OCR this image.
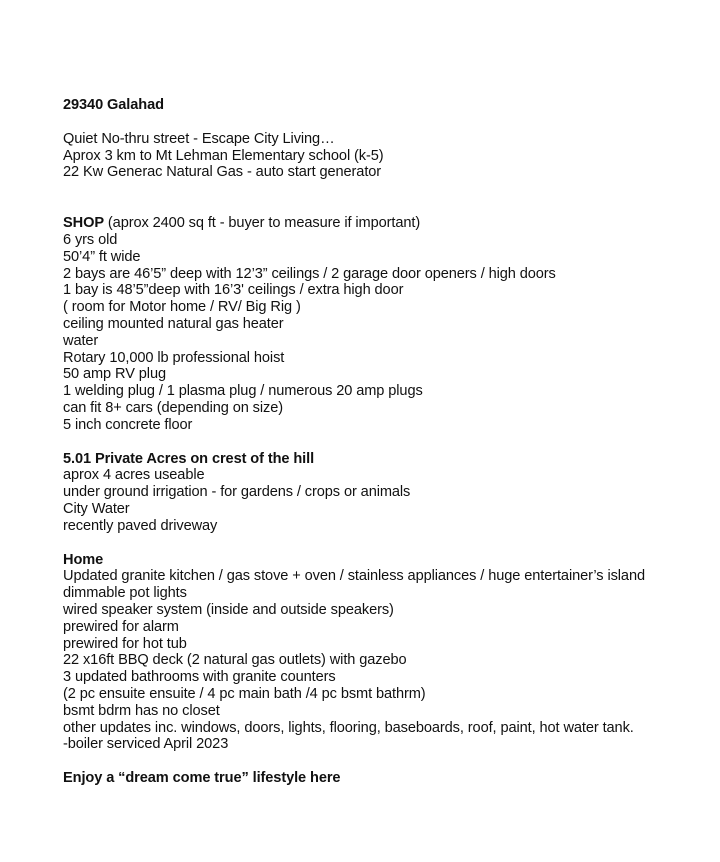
29340 Galahad
Quiet No-thru street - Escape City Living…
Aprox 3 km to Mt Lehman Elementary school (k-5)
22 Kw Generac Natural Gas - auto start generator
SHOP (aprox 2400 sq ft - buyer to measure if important)
6 yrs old
50’4” ft wide
2 bays are 46’5” deep with 12’3” ceilings / 2 garage door openers / high doors
1 bay is 48’5”deep with 16’3' ceilings / extra high door
( room for Motor home / RV/ Big Rig )
ceiling mounted natural gas heater
water
Rotary 10,000 lb professional hoist
50 amp RV plug
1 welding plug / 1 plasma plug / numerous 20 amp plugs
can fit 8+ cars (depending on size)
5 inch concrete floor
5.01 Private Acres on crest of the hill
aprox 4 acres useable
under ground irrigation - for gardens / crops or animals
City Water
recently paved driveway
Home
Updated granite kitchen / gas stove + oven / stainless appliances / huge entertainer’s island
dimmable pot lights
wired speaker system (inside and outside speakers)
prewired for alarm
prewired for hot tub
22 x16ft BBQ deck (2 natural gas outlets) with gazebo
3 updated bathrooms with granite counters
(2 pc ensuite ensuite / 4 pc main bath /4 pc bsmt bathrm)
bsmt bdrm has no closet
other updates inc. windows, doors, lights, flooring, baseboards, roof, paint, hot water tank.
-boiler serviced April 2023
Enjoy a “dream come true” lifestyle here
